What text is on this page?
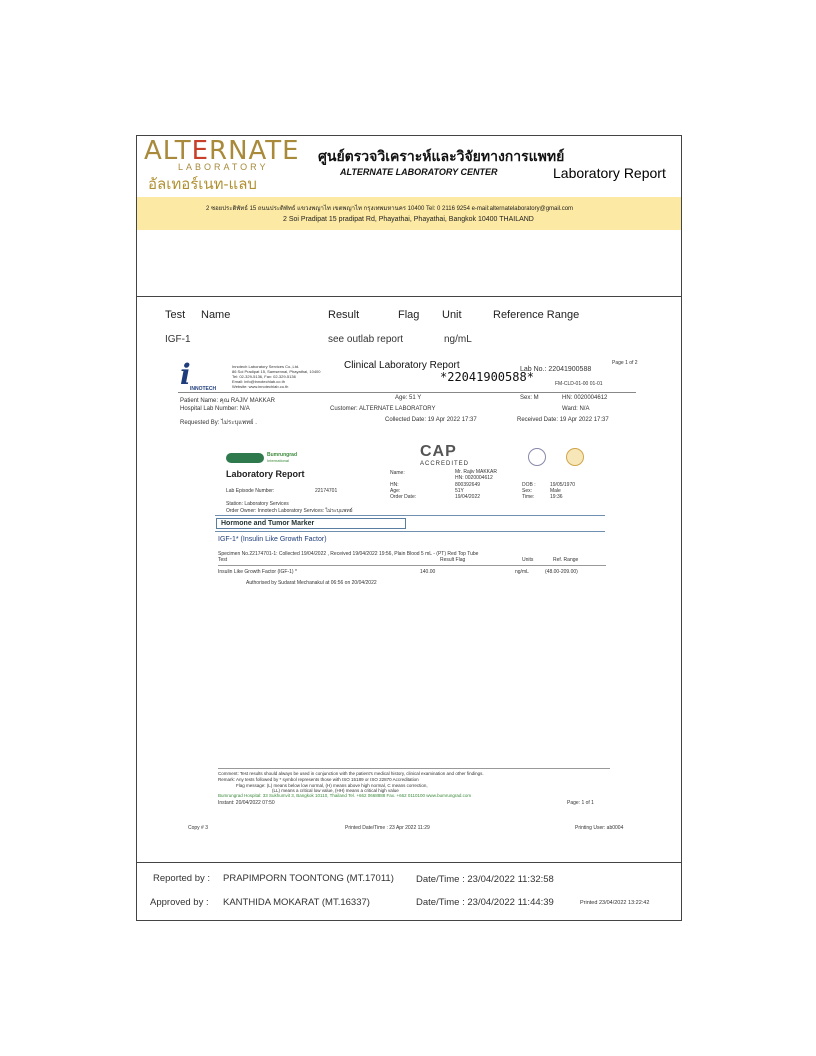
ALTERNATE
LABORATORY
อัลเทอร์เนท-แลบ
ศูนย์ตรวจวิเคราะห์และวิจัยทางการแพทย์
ALTERNATE LABORATORY CENTER	Laboratory Report
2 ซอยประดิพัทธ์ 15 ถนนประดิพัทธ์ แขวงพญาไท เขตพญาไท กรุงเทพมหานคร 10400 Tel: 0 2116 9254 e-mail:alternatelaboratory@gmail.com
2 Soi Pradipat 15 pradipat Rd, Phayathai, Phayathai, Bangkok 10400 THAILAND
Test Name	Result	Flag Unit	Reference Range
IGF-1	see outlab report	ng/mL
i INNOTECH
Innotech Laboratory Services Co.,Ltd.
86 Soi Pradipat 15, Samsennai, Phayathai, 10400
Tel: 02-329-5136, Fax: 02-329-5136
Email: info@innotechlab.co.th
Website: www.innotechlab.co.th
Clinical Laboratory Report	Page 1 of 2
Lab No.: 22041900588
*22041900588*	FM-CLD-01-00 01-01
Patient Name: คุณ RAJIV MAKKAR	Age: 51 Y	Sex: M	HN: 0020004612
Hospital Lab Number: N/A	Customer: ALTERNATE LABORATORY	Ward: N/A
Requested By: ไม่ระบุแพทย์ .	Collected Date: 19 Apr 2022 17:37	Received Date: 19 Apr 2022 17:37
Bumrungrad
International
CAP
ACCREDITED
Laboratory Report	Name:	Mr. Rajiv MAKKAR
HN: 0020004612
Lab Episode Number:	22174701
HN:	800392649	DOB :	19/05/1970
Age:	51Y	Sex:	Male
Order Date:	19/04/2022	Time:	19:36
Station: Laboratory Services
Order Owner: Innotech Laboratory Services: ไม่ระบุแพทย์
Hormone and Tumor Marker
IGF-1* (Insulin Like Growth Factor)
Specimen No.22174701-1: Collected 19/04/2022 , Received 19/04/2022 19:56, Plain Blood 5 mL - (PT) Red Top Tube
Test	Result Flag	Units	Ref. Range
Insulin Like Growth Factor (IGF-1) *	140.00	ng/mL	(48.00-209.00)
Authorised by Sudarat Mechanakul at 06:56 on 20/04/2022
Comment: Test results should always be used in conjunction with the patient's medical history, clinical examination and other findings.
Remark: Any tests followed by * symbol represents those with ISO 15189 or ISO 22870 Accreditation
Flag message: (L) means below low normal, (H) means above high normal, C means correction,
(LL) means a critical low value, (HH) means a critical high value
Bumrungrad Hospital: 33 Sukhumvit 3, Bangkok 10110, Thailand Tel. +662 0668888 Fax. +662 0110100 www.bumrungrad.com
Instant: 20/04/2022 07:50	Page: 1 of 1
Copy # 3	Printed Date/Time : 23 Apr 2022 11:29	Printing User: ab0004
Reported by : PRAPIMPORN TOONTONG (MT.17011) Date/Time : 23/04/2022 11:32:58
Approved by : KANTHIDA MOKARAT (MT.16337)	Date/Time : 23/04/2022 11:44:39	Printed 23/04/2022 13:22:42
